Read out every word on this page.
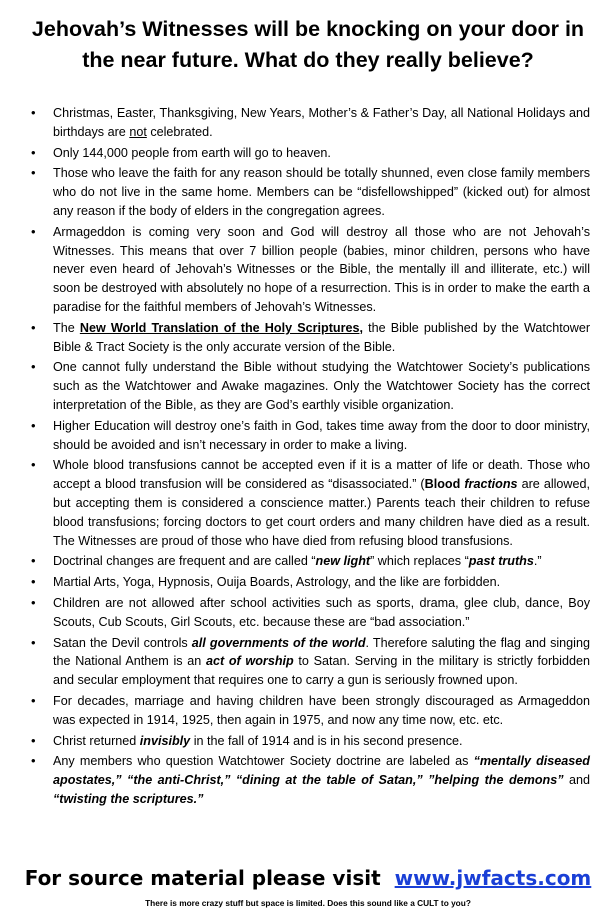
Jehovah’s Witnesses will be knocking on your door in
the near future. What do they really believe?
• Christmas, Easter, Thanksgiving, New Years, Mother’s & Father’s Day, all National Holidays and birthdays are not celebrated.
• Only 144,000 people from earth will go to heaven.
• Those who leave the faith for any reason should be totally shunned, even close family members who do not live in the same home. Members can be “disfellowshipped” (kicked out) for almost any reason if the body of elders in the congregation agrees.
• Armageddon is coming very soon and God will destroy all those who are not Jehovah’s Witnesses. This means that over 7 billion people (babies, minor children, persons who have never even heard of Jehovah’s Witnesses or the Bible, the mentally ill and illiterate, etc.) will soon be destroyed with absolutely no hope of a resurrection. This is in order to make the earth a paradise for the faithful members of Jehovah’s Witnesses.
• The New World Translation of the Holy Scriptures, the Bible published by the Watchtower Bible & Tract Society is the only accurate version of the Bible.
• One cannot fully understand the Bible without studying the Watchtower Society’s publications such as the Watchtower and Awake magazines. Only the Watchtower Society has the correct interpretation of the Bible, as they are God’s earthly visible organization.
• Higher Education will destroy one’s faith in God, takes time away from the door to door ministry, should be avoided and isn’t necessary in order to make a living.
• Whole blood transfusions cannot be accepted even if it is a matter of life or death. Those who accept a blood transfusion will be considered as “disassociated.” (Blood fractions are allowed, but accepting them is considered a conscience matter.) Parents teach their children to refuse blood transfusions; forcing doctors to get court orders and many children have died as a result. The Witnesses are proud of those who have died from refusing blood transfusions.
• Doctrinal changes are frequent and are called “new light” which replaces “past truths.”
• Martial Arts, Yoga, Hypnosis, Ouija Boards, Astrology, and the like are forbidden.
• Children are not allowed after school activities such as sports, drama, glee club, dance, Boy Scouts, Cub Scouts, Girl Scouts, etc. because these are “bad association.”
• Satan the Devil controls all governments of the world. Therefore saluting the flag and singing the National Anthem is an act of worship to Satan. Serving in the military is strictly forbidden and secular employment that requires one to carry a gun is seriously frowned upon.
• For decades, marriage and having children have been strongly discouraged as Armageddon was expected in 1914, 1925, then again in 1975, and now any time now, etc. etc.
• Christ returned invisibly in the fall of 1914 and is in his second presence.
• Any members who question Watchtower Society doctrine are labeled as “mentally diseased apostates,” “the anti-Christ,” “dining at the table of Satan,” ”helping the demons” and “twisting the scriptures.”
For source material please visit www.jwfacts.com
There is more crazy stuff but space is limited. Does this sound like a CULT to you?
